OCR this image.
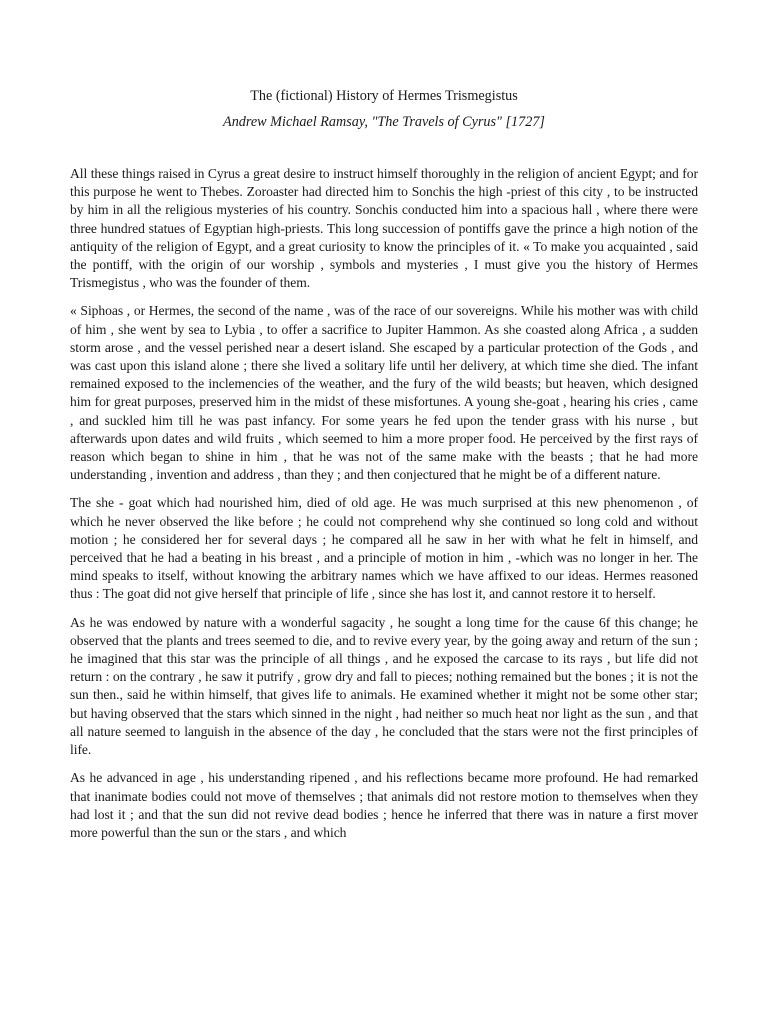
The (fictional) History of Hermes Trismegistus

Andrew Michael Ramsay, "The Travels of Cyrus" [1727]

All these things raised in Cyrus a great desire to instruct himself thoroughly in the religion of ancient Egypt; and for this purpose he went to Thebes. Zoroaster had directed him to Sonchis the high -priest of this city , to be instructed by him in all the religious mysteries of his country. Sonchis conducted him into a spacious hall , where there were three hundred statues of Egyptian high-priests. This long succession of pontiffs gave the prince a high notion of the antiquity of the religion of Egypt, and a great curiosity to know the principles of it. « To make you acquainted , said the pontiff, with the origin of our worship , symbols and mysteries , I must give you the history of Hermes Trismegistus , who was the founder of them.

« Siphoas , or Hermes, the second of the name , was of the race of our sovereigns. While his mother was with child of him , she went by sea to Lybia , to offer a sacrifice to Jupiter Hammon. As she coasted along Africa , a sudden storm arose , and the vessel perished near a desert island. She escaped by a particular protection of the Gods , and was cast upon this island alone ; there she lived a solitary life until her delivery, at which time she died. The infant remained exposed to the inclemencies of the weather, and the fury of the wild beasts; but heaven, which designed him for great purposes, preserved him in the midst of these misfortunes. A young she-goat , hearing his cries , came , and suckled him till he was past infancy. For some years he fed upon the tender grass with his nurse , but afterwards upon dates and wild fruits , which seemed to him a more proper food. He perceived by the first rays of reason which began to shine in him , that he was not of the same make with the beasts ; that he had more understanding , invention and address , than they ; and then conjectured that he might be of a different nature.

The she - goat which had nourished him, died of old age. He was much surprised at this new phenomenon , of which he never observed the like before ; he could not comprehend why she continued so long cold and without motion ; he considered her for several days ; he compared all he saw in her with what he felt in himself, and perceived that he had a beating in his breast , and a principle of motion in him , -which was no longer in her. The mind speaks to itself, without knowing the arbitrary names which we have affixed to our ideas. Hermes reasoned thus : The goat did not give herself that principle of life , since she has lost it, and cannot restore it to herself.

As he was endowed by nature with a wonderful sagacity , he sought a long time for the cause 6f this change; he observed that the plants and trees seemed to die, and to revive every year, by the going away and return of the sun ; he imagined that this star was the principle of all things , and he exposed the carcase to its rays , but life did not return : on the contrary , he saw it putrify , grow dry and fall to pieces; nothing remained but the bones ; it is not the sun then., said he within himself, that gives life to animals. He examined whether it might not be some other star; but having observed that the stars which sinned in the night , had neither so much heat nor light as the sun , and that all nature seemed to languish in the absence of the day , he concluded that the stars were not the first principles of life.

As he advanced in age , his understanding ripened , and his reflections became more profound. He had remarked that inanimate bodies could not move of themselves ; that animals did not restore motion to themselves when they had lost it ; and that the sun did not revive dead bodies ; hence he inferred that there was in nature a first mover more powerful than the sun or the stars , and which
